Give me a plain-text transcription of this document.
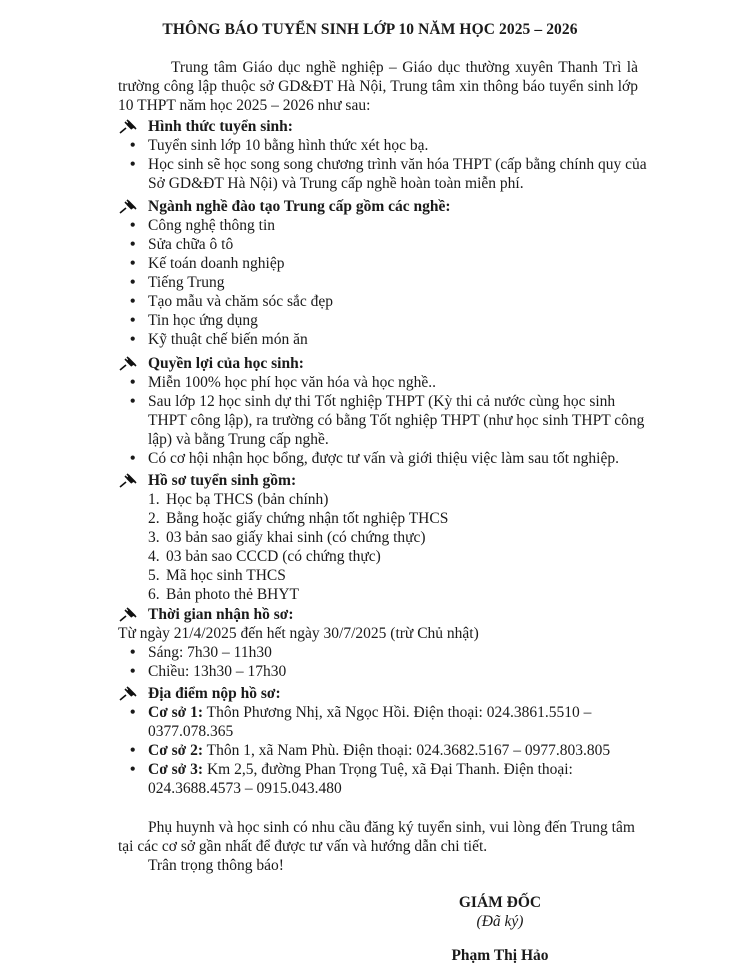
THÔNG BÁO TUYỂN SINH LỚP 10 NĂM HỌC 2025 – 2026
Trung tâm Giáo dục nghề nghiệp – Giáo dục thường xuyên Thanh Trì là trường công lập thuộc sở GD&ĐT Hà Nội, Trung tâm xin thông báo tuyển sinh lớp 10 THPT năm học 2025 – 2026 như sau:
Hình thức tuyển sinh:
• Tuyển sinh lớp 10 bằng hình thức xét học bạ.
• Học sinh sẽ học song song chương trình văn hóa THPT (cấp bằng chính quy của Sở GD&ĐT Hà Nội) và Trung cấp nghề hoàn toàn miễn phí.
Ngành nghề đào tạo Trung cấp gồm các nghề:
• Công nghệ thông tin
• Sửa chữa ô tô
• Kế toán doanh nghiệp
• Tiếng Trung
• Tạo mẫu và chăm sóc sắc đẹp
• Tin học ứng dụng
• Kỹ thuật chế biến món ăn
Quyền lợi của học sinh:
• Miễn 100% học phí học văn hóa và học nghề..
• Sau lớp 12 học sinh dự thi Tốt nghiệp THPT (Kỳ thi cả nước cùng học sinh THPT công lập), ra trường có bằng Tốt nghiệp THPT (như học sinh THPT công lập) và bằng Trung cấp nghề.
• Có cơ hội nhận học bổng, được tư vấn và giới thiệu việc làm sau tốt nghiệp.
Hồ sơ tuyển sinh gồm:
1. Học bạ THCS (bản chính)
2. Bằng hoặc giấy chứng nhận tốt nghiệp THCS
3. 03 bản sao giấy khai sinh (có chứng thực)
4. 03 bản sao CCCD (có chứng thực)
5. Mã học sinh THCS
6. Bản photo thẻ BHYT
Thời gian nhận hồ sơ:
Từ ngày 21/4/2025 đến hết ngày 30/7/2025 (trừ Chủ nhật)
• Sáng: 7h30 – 11h30
• Chiều: 13h30 – 17h30
Địa điểm nộp hồ sơ:
• Cơ sở 1: Thôn Phương Nhị, xã Ngọc Hồi. Điện thoại: 024.3861.5510 – 0377.078.365
• Cơ sở 2: Thôn 1, xã Nam Phù. Điện thoại: 024.3682.5167 – 0977.803.805
• Cơ sở 3: Km 2,5, đường Phan Trọng Tuệ, xã Đại Thanh. Điện thoại: 024.3688.4573 – 0915.043.480
Phụ huynh và học sinh có nhu cầu đăng ký tuyển sinh, vui lòng đến Trung tâm tại các cơ sở gần nhất để được tư vấn và hướng dẫn chi tiết.
Trân trọng thông báo!
GIÁM ĐỐC
(Đã ký)
Phạm Thị Hảo
